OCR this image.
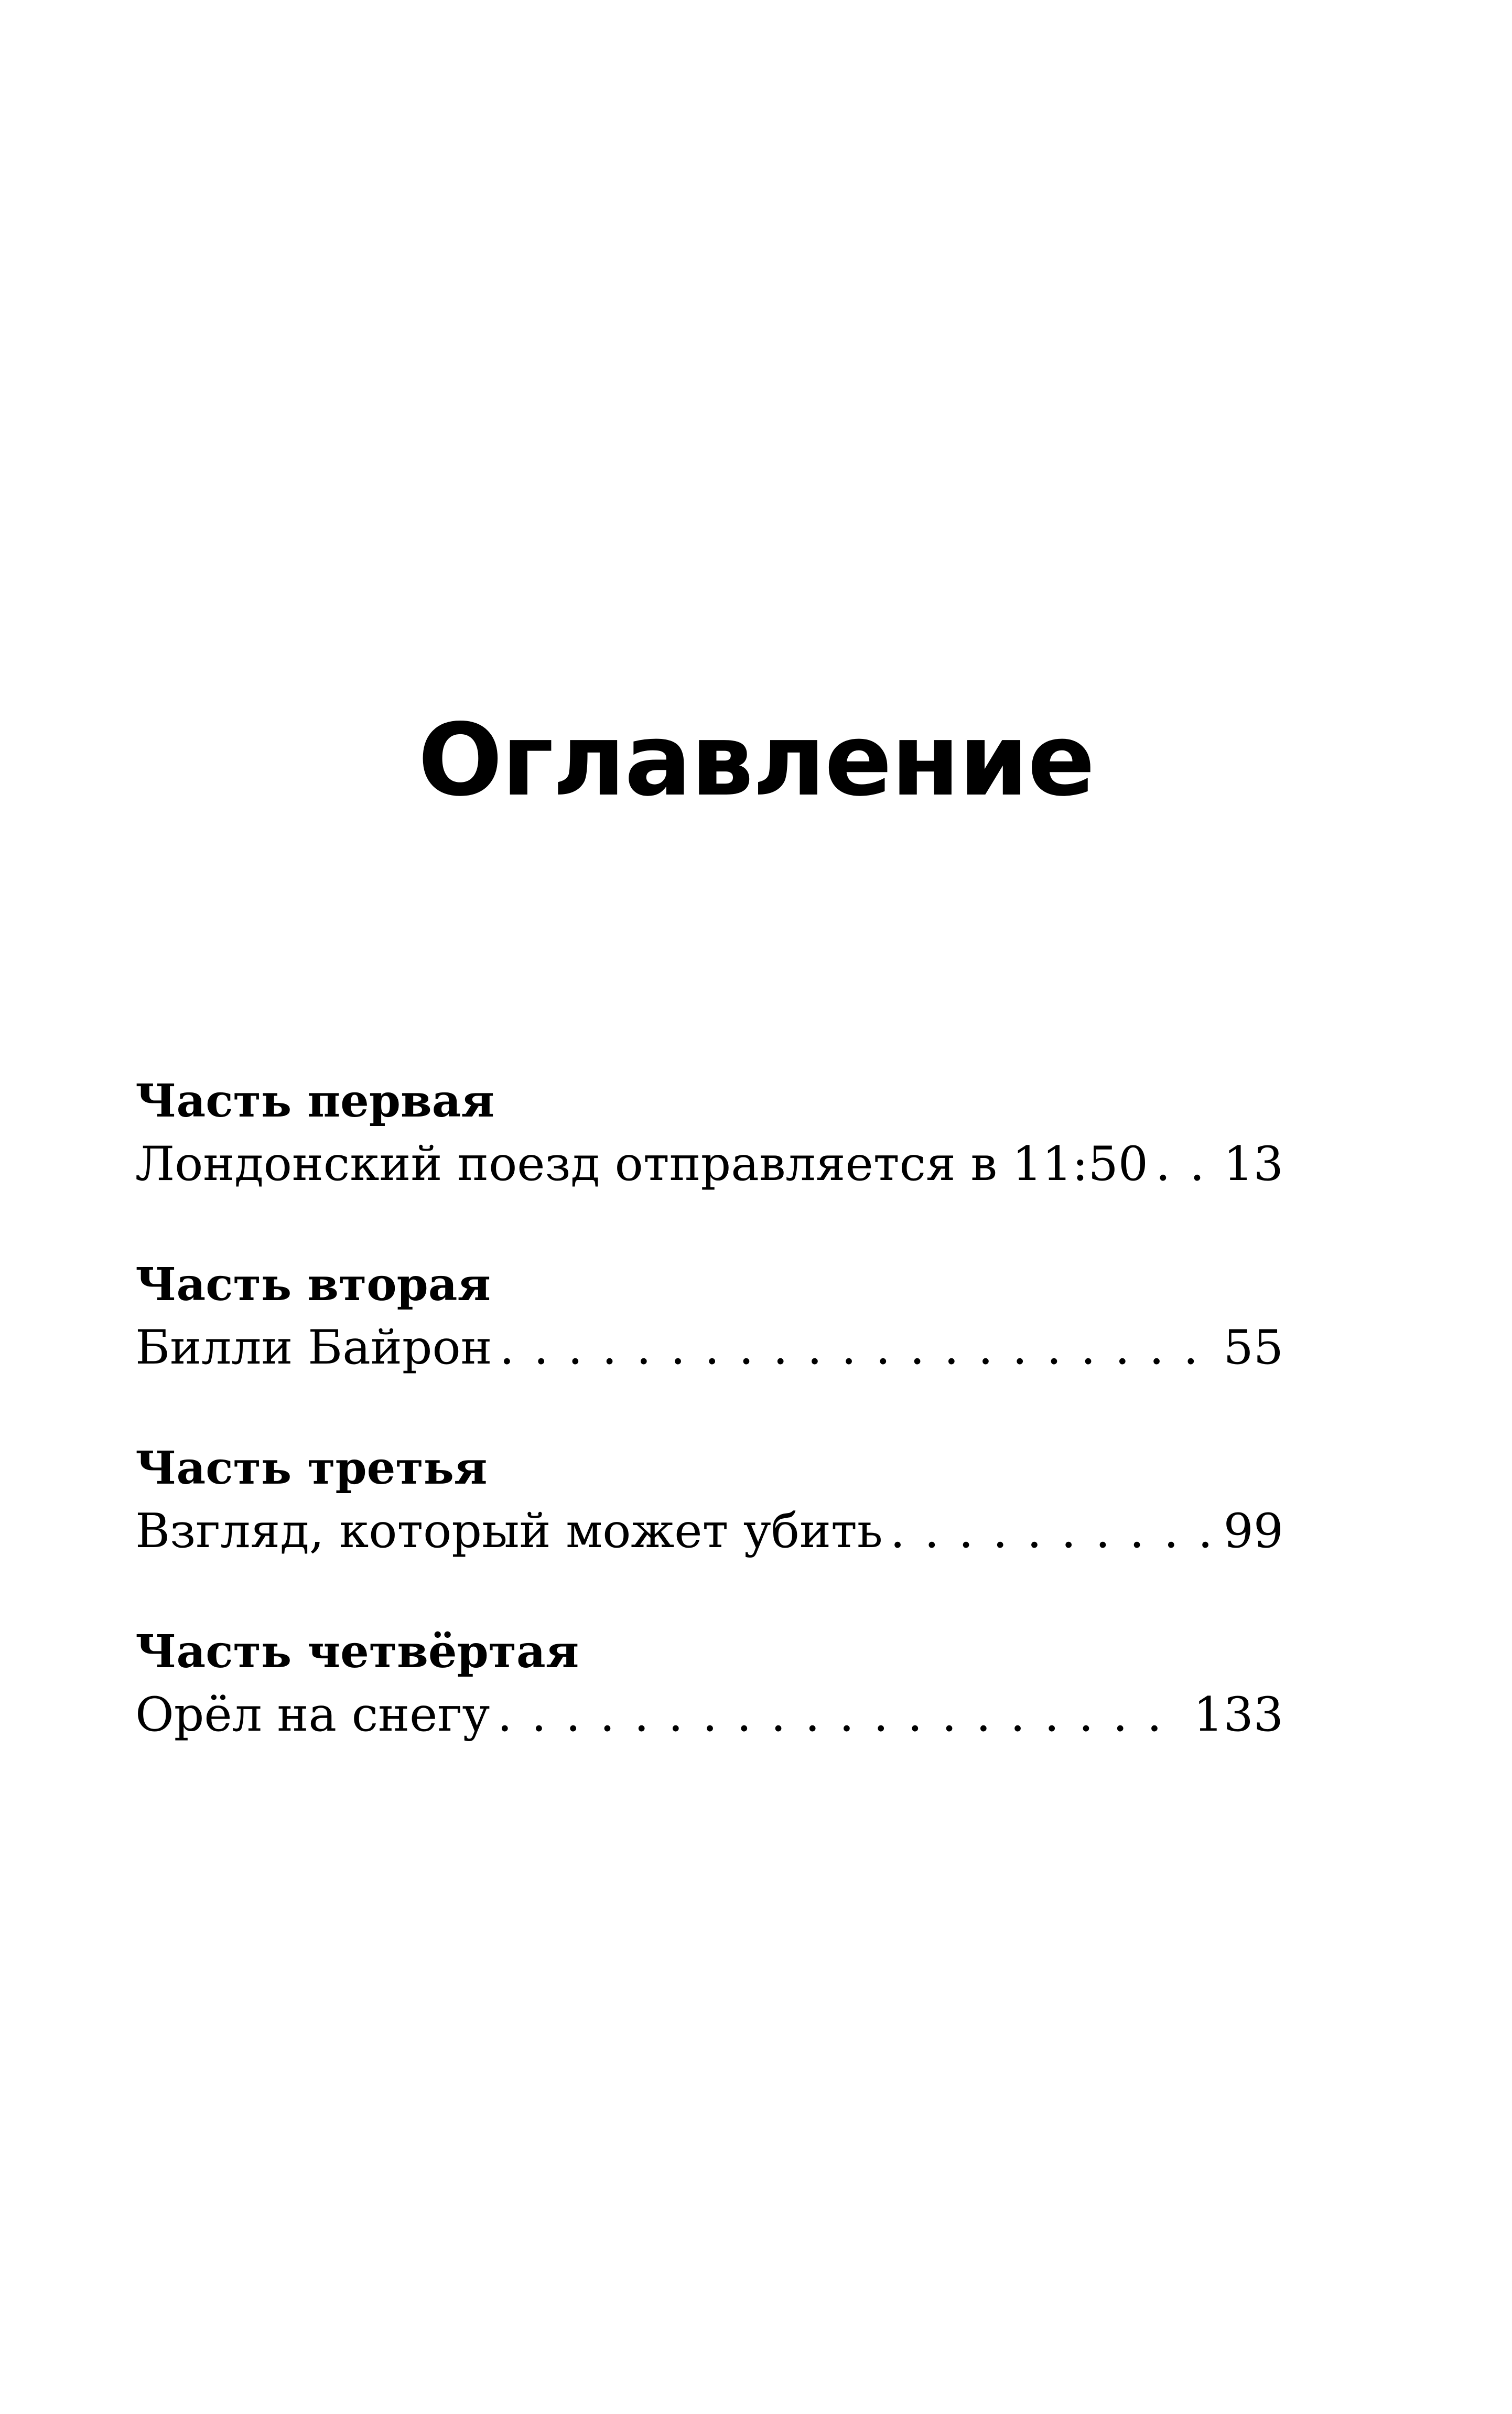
Оглавление
Часть первая
Лондонский поезд отправляется в 11:50 . . . 13
Часть вторая
Билли Байрон . . .	55
Часть третья
Взгляд, который может убить . . .	99
Часть четвёртая
Орёл на снегу . . .	133
